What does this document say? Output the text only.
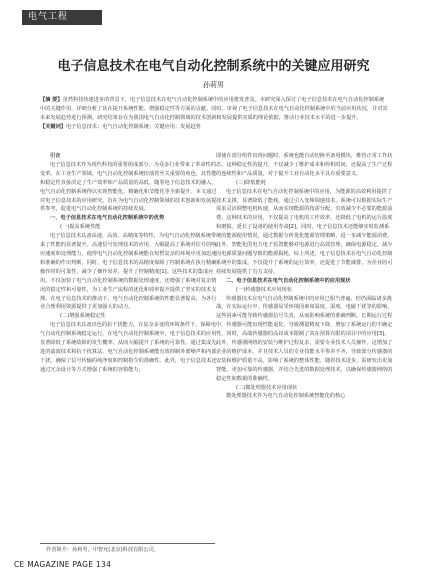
电气工程
电子信息技术在电气自动化控制系统中的关键应用研究
孙莉男
【摘 要】虽然科技快速进步的背景下，电子信息技术在电气自动化控制系统中的应用愈发普及。本研究深入探讨了电子信息技术在电气自动化控制系统中的关键作用，详细分析了其在提升系统性能、增强稳定性等方面的贡献。同时，审视了电子信息技术在电气自动化控制系统中的当前应用状况，并对其未来发展趋势进行预测。研究结果旨在为我国电气自动化控制领域的技术创新和发展提供实质的理论依据，推动行业技术水平的进一步提升。
【关键词】电子信息技术；电气自动化控制系统；关键应用；发展趋势

引言

电子信息技术作为现代科技的重要组成部分，为众多行业带来了革命性的变革。在工业生产领域，电气自动化控制系统扮演着至关重要的角色，其性能和稳定性直接决定了生产效率和产品质量的高低。随着电子信息技术的融入，电气自动化控制系统得以实现智能化、精确化和节能化等全新提升。本文通过对电子信息技术的应用研究，旨在为电气自动化控制领域的技术创新和发展提供参考，促进电气自动化控制系统的持续发展。

一、电子信息技术在电气自动化控制系统中的优势

(一)提高系统性能

电子信息技术具备高速、高效、高精度等特性，为电气自动化控制系统带来了性能的显著提升。高速信号处理技术的应用，大幅提高了系统对信号的响应速度和处理能力，使得电气自动化控制系统能在短暂复杂的环境中更加迅速和准确的作出判断。同时，电子信息技术的高精度保障了控制系统在执行精确操作时的可靠性，减少了操作误差，提升了控制精度[1]。这些技术的集成应用，不仅加快了电气自动化控制系统的数据处理速度，还增强了系统对复杂情况的稳定性和可靠性，为工业生产流程的优化和效率提升提供了坚实的技术支撑。在电子信息技术的推动下，电气自动化控制系统的性能显著提高，为各行业合理利用资源提供了更加强大的动力。

(二)增强系统稳定性

电子信息技术具备出色的抗干扰能力，在复杂多变的环境条件下，保障电气自动化控制系统稳定运行。在电气自动化控制系统中，电子信息技术的应用显著降低了系统故障的发生概率，从而大幅提升了系统的可靠性。通过集成先进的滤波技术和抗干扰算法，电气自动化控制系统能有效抑制外部噪声和内部干扰，确保了信号传输的纯净度和控制指令的准确性。此外，电子信息技术还通过冗余设计等方式增强了系统的容错能力，

即使在部分组件出现问题时，系统也能自动切换至备用模块，维持正常工作状态。这种稳定性的提升，不仅减少了维护成本和停机时间，还提高了生产过程的连续性和产品质量，对于提升工业自动化水平具有重要意义。

(三)降低能耗

电子信息技术在电气自动化控制系统中的应用，为能源的高效利用提供了技术支撑，显著降低了能耗。通过引入变频调速技术，系统可以根据实际生产需求灵活调整电机转速，从而实现能源的按需分配，有效减少不必要的能源浪费。这种技术的应用，不仅提高了电机的工作效率，还降低了电机的运行温度和磨损，延长了设备的使用寿命[2]。同时，电子信息技术还能够实时监测系统的能源使用情况，通过数据分析优化能源管理策略，进一步减少能源消费。此外，智能化的电力电子装置能够对电源进行高效管理，确保电源稳定，减少因电源质量问题导致的能源损耗。综上所述，电子信息技术在电气自动化控制系统中的集成，不仅提升了系统的运行效率，还促进了节能减排，为企业的可持续发展提供了有力支持。

二、电子信息技术在电气自动化控制系统中的应用现状

(一)传感器技术应用现状

传感器技术在电气自动化控制系统中的应用已相当普遍，但仍面临诸多挑战。在实际运行中，传感器易受环境因素如温度、湿度、电磁干扰等的影响，这些因素可能导致传感器信号失真，从而影响系统的准确判断。长期运行过程中，传感器可能出现性能退化，导致测量精度下降，增加了系统运行的不确定性。同时，高端传感器的高昂成本限制了其在预算有限的项目中的应用[3]。此外，传感器网络的安装与维护过程复杂，需要专业技术人员操作，这增加了企业的维护成本。并且技术人员的专业技能水平参差不齐，导致部分传感器的安装和维护质量不高，影响了系统的整体性能。随着技术进步，需研发出更加智能、更加可靠的传感器，并结合先进的数据处理技术，以确保传感器网络的稳定性和数据的准确性。

(二)微处理器技术应用现状

微处理器技术作为电气自动化控制系统智能化的核心

作者简介：孙莉男，中智允(北京)科技有限公司。
CE MAGAZINE PAGE 134
